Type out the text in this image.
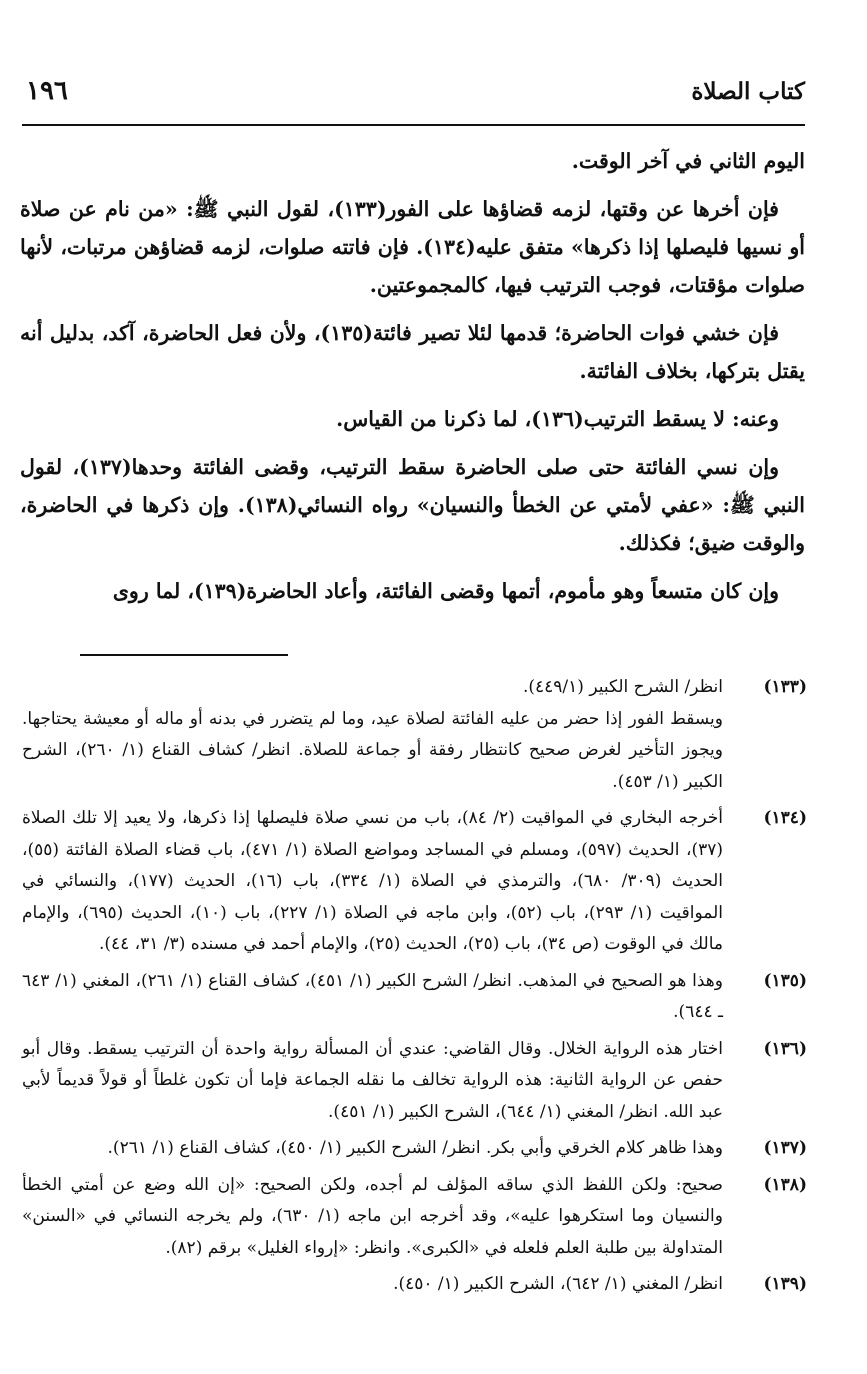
كتاب الصلاة
١٩٦

اليوم الثاني في آخر الوقت.

فإن أخرها عن وقتها، لزمه قضاؤها على الفور(١٣٣)، لقول النبي ﷺ: «من نام عن صلاة أو نسيها فليصلها إذا ذكرها» متفق عليه(١٣٤). فإن فاتته صلوات، لزمه قضاؤهن مرتبات، لأنها صلوات مؤقتات، فوجب الترتيب فيها، كالمجموعتين.

فإن خشي فوات الحاضرة؛ قدمها لئلا تصير فائتة(١٣٥)، ولأن فعل الحاضرة، آكد، بدليل أنه يقتل بتركها، بخلاف الفائتة.

وعنه: لا يسقط الترتيب(١٣٦)، لما ذكرنا من القياس.

وإن نسي الفائتة حتى صلى الحاضرة سقط الترتيب، وقضى الفائتة وحدها(١٣٧)، لقول النبي ﷺ: «عفي لأمتي عن الخطأ والنسيان» رواه النسائي(١٣٨). وإن ذكرها في الحاضرة، والوقت ضيق؛ فكذلك.

وإن كان متسعاً وهو مأموم، أتمها وقضى الفائتة، وأعاد الحاضرة(١٣٩)، لما روى

(١٣٣)
انظر/ الشرح الكبير (٤٤٩/١).
ويسقط الفور إذا حضر من عليه الفائتة لصلاة عيد، وما لم يتضرر في بدنه أو ماله أو معيشة يحتاجها. ويجوز التأخير لغرض صحيح كانتظار رفقة أو جماعة للصلاة. انظر/ كشاف القناع (١/ ٢٦٠)، الشرح الكبير (١/ ٤٥٣).
(١٣٤)
أخرجه البخاري في المواقيت (٢/ ٨٤)، باب من نسي صلاة فليصلها إذا ذكرها، ولا يعيد إلا تلك الصلاة (٣٧)، الحديث (٥٩٧)، ومسلم في المساجد ومواضع الصلاة (١/ ٤٧١)، باب قضاء الصلاة الفائتة (٥٥)، الحديث (٣٠٩/ ٦٨٠)، والترمذي في الصلاة (١/ ٣٣٤)، باب (١٦)، الحديث (١٧٧)، والنسائي في المواقيت (١/ ٢٩٣)، باب (٥٢)، وابن ماجه في الصلاة (١/ ٢٢٧)، باب (١٠)، الحديث (٦٩٥)، والإمام مالك في الوقوت (ص ٣٤)، باب (٢٥)، الحديث (٢٥)، والإمام أحمد في مسنده (٣/ ٣١، ٤٤).
(١٣٥)
وهذا هو الصحيح في المذهب. انظر/ الشرح الكبير (١/ ٤٥١)، كشاف القناع (١/ ٢٦١)، المغني (١/ ٦٤٣ ـ ٦٤٤).
(١٣٦)
اختار هذه الرواية الخلال. وقال القاضي: عندي أن المسألة رواية واحدة أن الترتيب يسقط. وقال أبو حفص عن الرواية الثانية: هذه الرواية تخالف ما نقله الجماعة فإما أن تكون غلطاً أو قولاً قديماً لأبي عبد الله. انظر/ المغني (١/ ٦٤٤)، الشرح الكبير (١/ ٤٥١).
(١٣٧)
وهذا ظاهر كلام الخرقي وأبي بكر. انظر/ الشرح الكبير (١/ ٤٥٠)، كشاف القناع (١/ ٢٦١).
(١٣٨)
صحيح: ولكن اللفظ الذي ساقه المؤلف لم أجده، ولكن الصحيح: «إن الله وضع عن أمتي الخطأ والنسيان وما استكرهوا عليه»، وقد أخرجه ابن ماجه (١/ ٦٣٠)، ولم يخرجه النسائي في «السنن» المتداولة بين طلبة العلم فلعله في «الكبرى». وانظر: «إرواء الغليل» برقم (٨٢).
(١٣٩)
انظر/ المغني (١/ ٦٤٢)، الشرح الكبير (١/ ٤٥٠).
